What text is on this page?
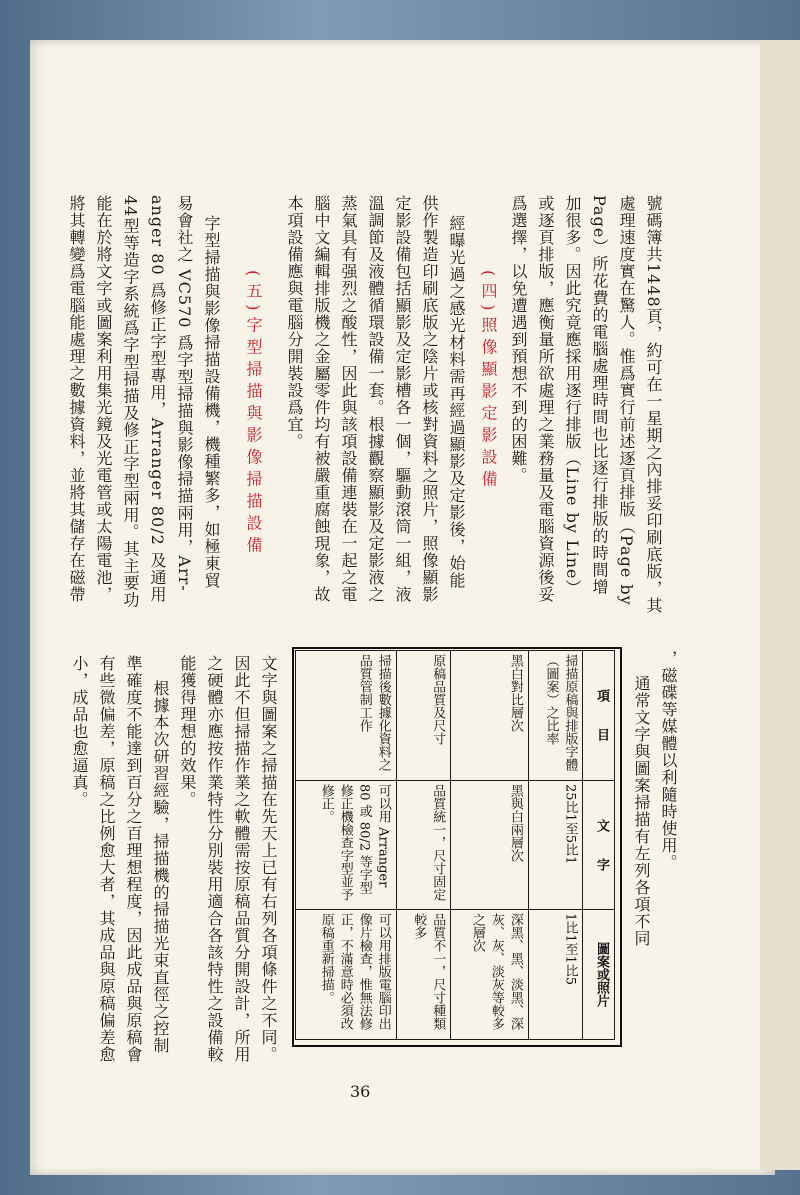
號碼簿共1448頁，約可在一星期之內排妥印刷底版，其
處理速度實在驚人。惟爲實行前述逐頁排版（Page by
Page）所花費的電腦處理時間也比逐行排版的時間增
加很多。因此究竟應採用逐行排版（Line by Line）
或逐頁排版，應衡量所欲處理之業務量及電腦資源後妥
爲選擇，以免遭遇到預想不到的困難。
(四)照像顯影定影設備
經曝光過之感光材料需再經過顯影及定影後，始能
供作製造印刷底版之陰片或核對資料之照片，照像顯影
定影設備包括顯影及定影槽各一個，驅動滾筒一組，液
溫調節及液體循環設備一套。根據觀察顯影及定影液之
蒸氣具有强烈之酸性，因此與該項設備連裝在一起之電
腦中文編輯排版機之金屬零件均有被嚴重腐蝕現象，故
本項設備應與電腦分開裝設爲宜。
(五)字型掃描與影像掃描設備
字型掃描與影像掃描設備機，機種繁多，如極東貿
易會社之 VC570 爲字型掃描與影像掃描兩用，Arr-
anger 80 爲修正字型專用，Arranger 80/2 及通用
44型等造字系統爲字型掃描及修正字型兩用。其主要功
能在於將文字或圖案利用集光鏡及光電管或太陽電池，
將其轉變爲電腦能處理之數據資料，並將其儲存在磁帶
，磁碟等媒體以利隨時使用。
通常文字與圖案掃描有左列各項不同
項　　目	文　　字	圖案或照片
掃描原稿與排版字體（圖案）之比率	25比1至5比1	1比1至1比5
黑白對比層次	黑與白兩層次	深黑、黑、淡黑、深灰、灰、淡灰等較多之層次
原稿品質及尺寸	品質統一，尺寸固定	品質不一，尺寸種類較多
掃描後數據化資料之品質管制工作	可以用 Arranger 80 或 80/2 等字型修正機檢查字型並予修正。	可以用排版電腦印出像片檢查，惟無法修正，不滿意時必須改原稿重新掃描。
文字與圖案之掃描在先天上已有右列各項條件之不同。
因此不但掃描作業之軟體需按原稿品質分開設計，所用
之硬體亦應按作業特性分別裝用適合各該特性之設備較
能獲得理想的效果。
根據本次研習經驗，掃描機的掃描光束直徑之控制
準確度不能達到百分之百理想程度，因此成品與原稿會
有些微偏差，原稿之比例愈大者，其成品與原稿偏差愈
小，成品也愈逼真。
36
